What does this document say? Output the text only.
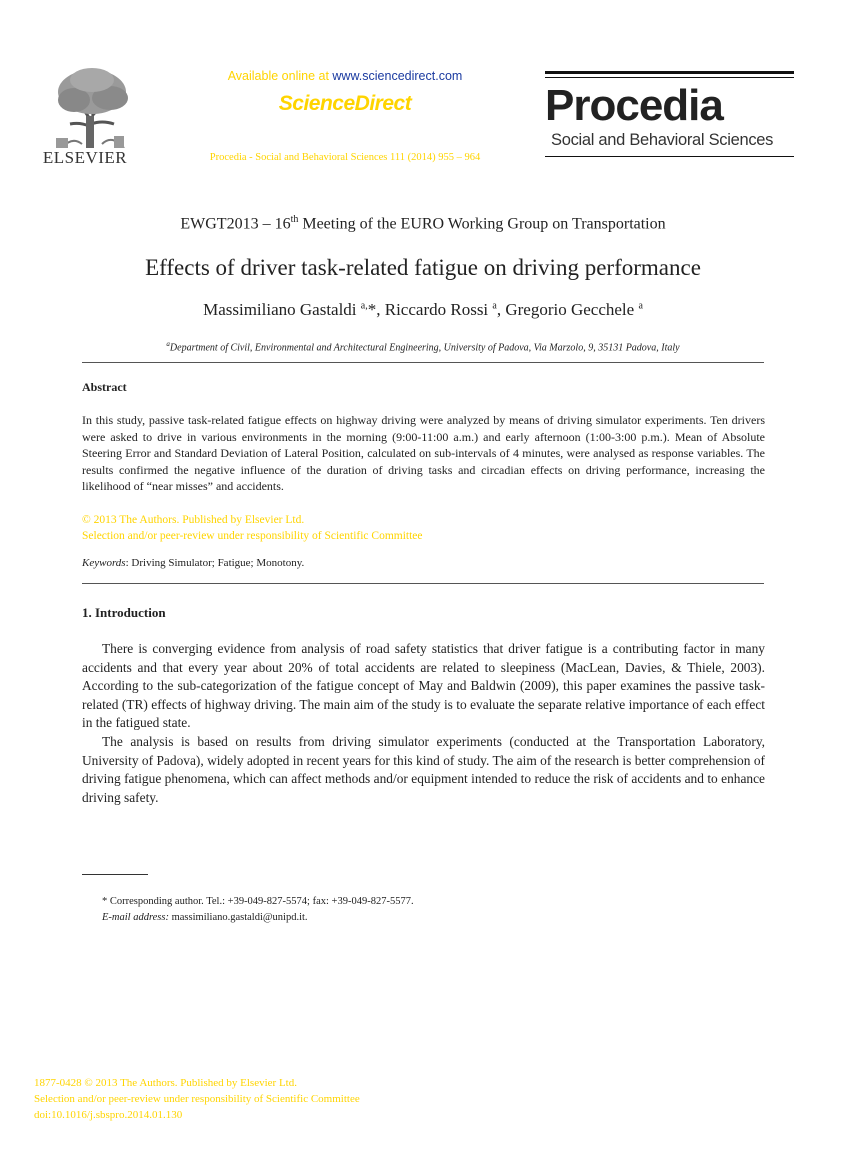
ELSEVIER
Available online at www.sciencedirect.com
ScienceDirect
Procedia - Social and Behavioral Sciences 111 (2014) 955 – 964
Procedia
Social and Behavioral Sciences
EWGT2013 – 16th Meeting of the EURO Working Group on Transportation
Effects of driver task-related fatigue on driving performance
Massimiliano Gastaldi $^{a,}$*, Riccardo Rossi $^a$, Gregorio Gecchele $^a$
$^a$Department of Civil, Environmental and Architectural Engineering, University of Padova, Via Marzolo, 9, 35131 Padova, Italy
Abstract
In this study, passive task-related fatigue effects on highway driving were analyzed by means of driving simulator experiments. Ten drivers were asked to drive in various environments in the morning (9:00-11:00 a.m.) and early afternoon (1:00-3:00 p.m.). Mean of Absolute Steering Error and Standard Deviation of Lateral Position, calculated on sub-intervals of 4 minutes, were analysed as response variables. The results confirmed the negative influence of the duration of driving tasks and circadian effects on driving performance, increasing the likelihood of “near misses” and accidents.
© 2013 The Authors. Published by Elsevier Ltd.
Selection and/or peer-review under responsibility of Scientific Committee
Keywords: Driving Simulator; Fatigue; Monotony.
1. Introduction

There is converging evidence from analysis of road safety statistics that driver fatigue is a contributing factor in many accidents and that every year about 20% of total accidents are related to sleepiness (MacLean, Davies, & Thiele, 2003). According to the sub-categorization of the fatigue concept of May and Baldwin (2009), this paper examines the passive task-related (TR) effects of highway driving. The main aim of the study is to evaluate the separate relative importance of each effect in the fatigued state.

The analysis is based on results from driving simulator experiments (conducted at the Transportation Laboratory, University of Padova), widely adopted in recent years for this kind of study. The aim of the research is better comprehension of driving fatigue phenomena, which can affect methods and/or equipment intended to reduce the risk of accidents and to enhance driving safety.

* Corresponding author. Tel.: +39-049-827-5574; fax: +39-049-827-5577.
E-mail address: massimiliano.gastaldi@unipd.it.
1877-0428 © 2013 The Authors. Published by Elsevier Ltd.
Selection and/or peer-review under responsibility of Scientific Committee
doi:10.1016/j.sbspro.2014.01.130
